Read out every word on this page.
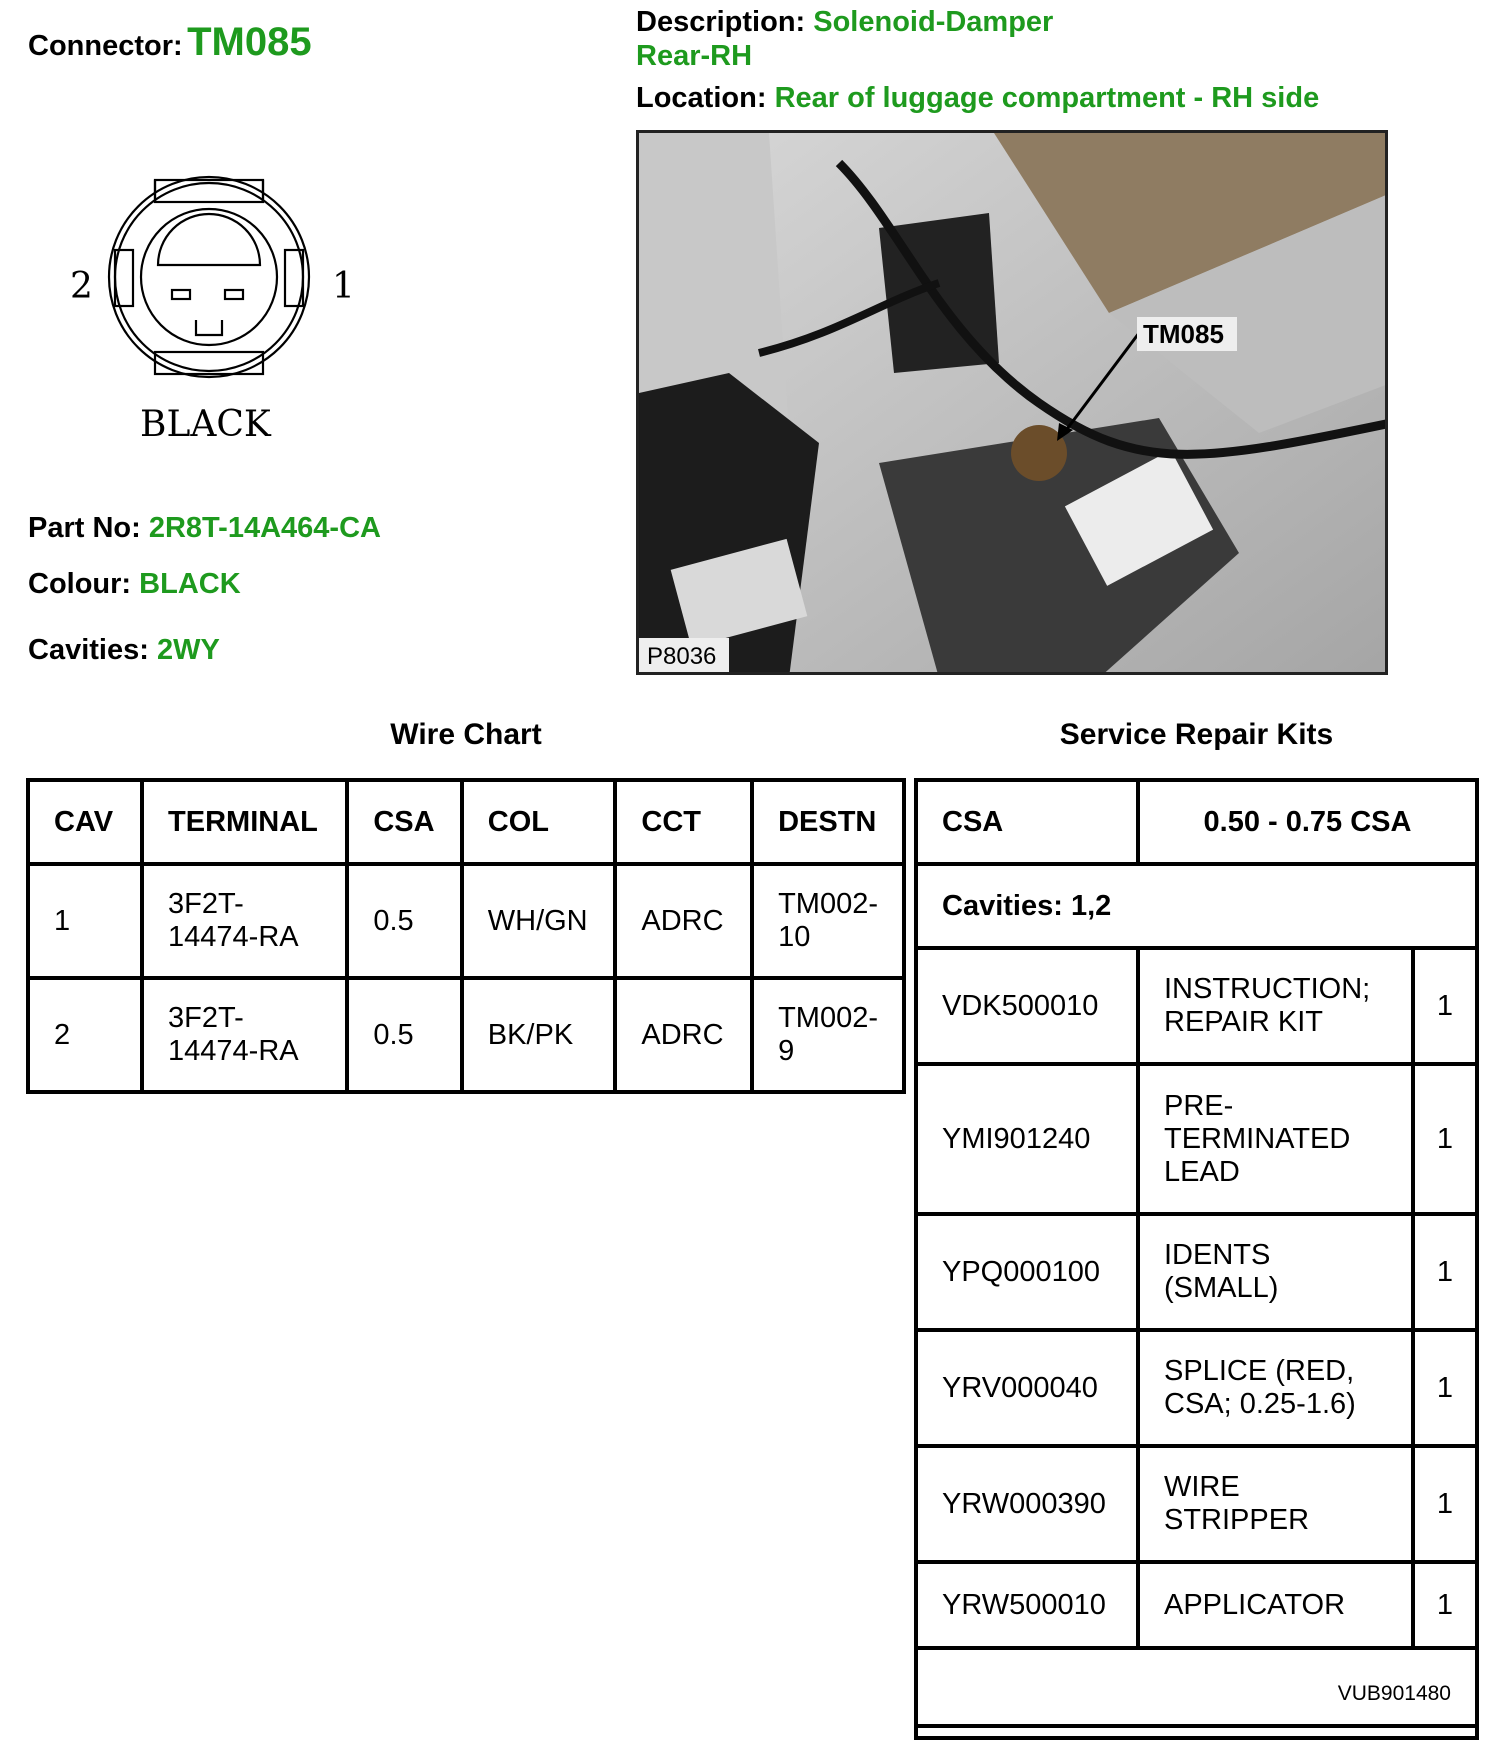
Connector: TM085	Description: Solenoid-Damper
Rear-RH
Location: Rear of luggage compartment - RH side
2	1
BLACK
Part No: 2R8T-14A464-CA
Colour: BLACK
Cavities: 2WY
TM085
P8036
Wire Chart	Service Repair Kits
CAV	TERMINAL	CSA	COL	CCT	DESTN
1	3F2T-
14474-RA	0.5	WH/GN	ADRC	TM002-
10
2	3F2T-
14474-RA	0.5	BK/PK	ADRC	TM002-
9
CSA	0.50 - 0.75 CSA	
Cavities: 1,2		
VDK500010	INSTRUCTION;
REPAIR KIT	1
YMI901240	PRE-
TERMINATED
LEAD	1
YPQ000100	IDENTS
(SMALL)	1
YRV000040	SPLICE (RED,
CSA; 0.25-1.6)	1
YRW000390	WIRE
STRIPPER	1
YRW500010	APPLICATOR	1
VUB901480		
